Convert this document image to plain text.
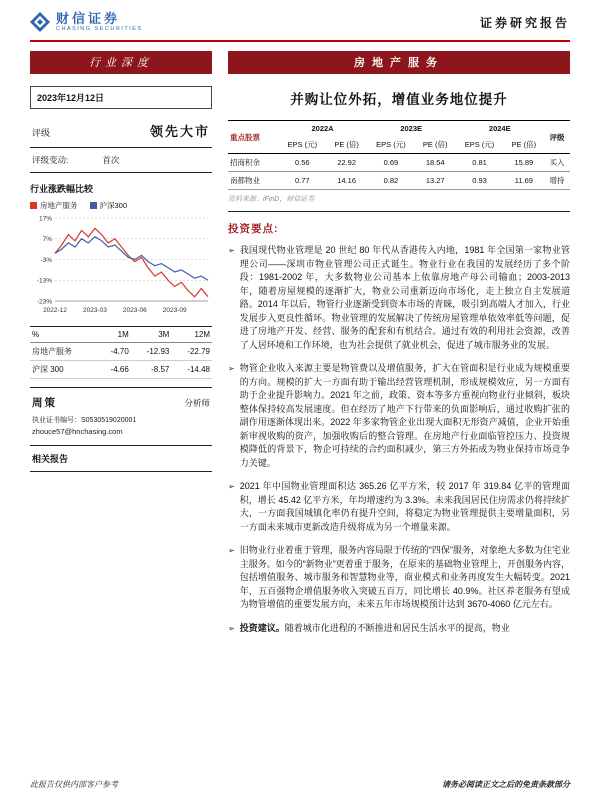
财信证券
CHASING SECURITIES	证券研究报告
行业深度	房地产服务
2023年12月12日
评级	领先大市
评级变动:	首次
行业涨跌幅比较
房地产服务	沪深300
17%
7%
-3%
-13%
-23%
2022-12 2023-03 2023-06 2023-09
%	1M	3M	12M
房地产服务	-4.70	-12.93	-22.79
沪深 300	-4.66	-8.57	-14.48
周策	分析师
执业证书编号：S0530519020001
zhouce57@hnchasing.com
相关报告
并购让位外拓，增值业务地位提升
重点股票	2022A		2023E		2024E		评级
	EPS (元)	PE (倍)	EPS (元)	PE (倍)	EPS (元)	PE (倍)	
招商积余	0.56	22.92	0.69	18.54	0.81	15.89	买入
南都物业	0.77	14.16	0.82	13.27	0.93	11.69	增持
资料来源：iFinD，财信证券
投资要点:
➢ 我国现代物业管理是 20 世纪 80 年代从香港传入内地，1981 年全国第一家物业管理公司——深圳市物业管理公司正式诞生。物业行业在我国的发展经历了多个阶段：1981-2002 年，大多数物业公司基本上依靠房地产母公司输血；2003-2013 年，随着房屋规模的逐渐扩大，物业公司重新迈向市场化，走上独立自主发展道路。2014 年以后，物管行业逐渐受到资本市场的青睐，吸引到高端人才加入，行业发展步入更良性循环。物业管理的发展解决了传统房屋管理单依效率低等问题，促进了房地产开发、经营、服务的配套和有机结合。通过有效的利用社会资源，改善了人居环境和工作环境，也为社会提供了就业机会，促进了城市服务业的发展。
➢ 物管企业收入来源主要是物管费以及增值服务，扩大在管面积是行业成为规模重要的方向。规模的扩大一方面有助于输出经营管理机制，形成规模效应，另一方面有助于企业提升影响力。2021 年之前，政策、资本等多方重视向物业行业倾斜，板块整体保持较高发展速度。但在经历了地产下行带来的负面影响后，通过收购扩张的副作用逐渐体现出来。2022 年多家物管企业出现大面积无形资产减值，企业开始重新审视收购的资产，加强收购后的整合管理。在房地产行业面临管控压力、投资规模降低的背景下，物企可持续的合约面积减少，第三方外拓成为物业保持市场竞争力关键。
➢ 2021 年中国物业管理面积达 365.26 亿平方米，较 2017 年 319.84 亿平的管理面积，增长 45.42 亿平方米，年均增速约为 3.3%。未来我国居民住房需求仍将持续扩大，一方面我国城镇化率仍有提升空间，将稳定为物业管理提供主要增量面积，另一方面未来城市更新改造升级将成为另一个增量来源。
➢ 旧物业行业着重于管理，服务内容局限于传统的“四保”服务，对象绝大多数为住宅业主服务。如今的“新物业”更着重于服务，在原来的基础物业管理上，开创服务内容，包括增值服务、城市服务和智慧物业等，商业模式和业务再度发生大幅转变。2021 年，五百强物企增值服务收入突破五百万，同比增长 40.9%。社区养老服务有望成为物管增值的重要发展方向，未来五年市场规模预计达到 3670-4060 亿元左右。
➢ 投资建议。随着城市化进程的不断推进和居民生活水平的提高，物业
此报告仅供内部客户参考	请务必阅读正文之后的免责条款部分
